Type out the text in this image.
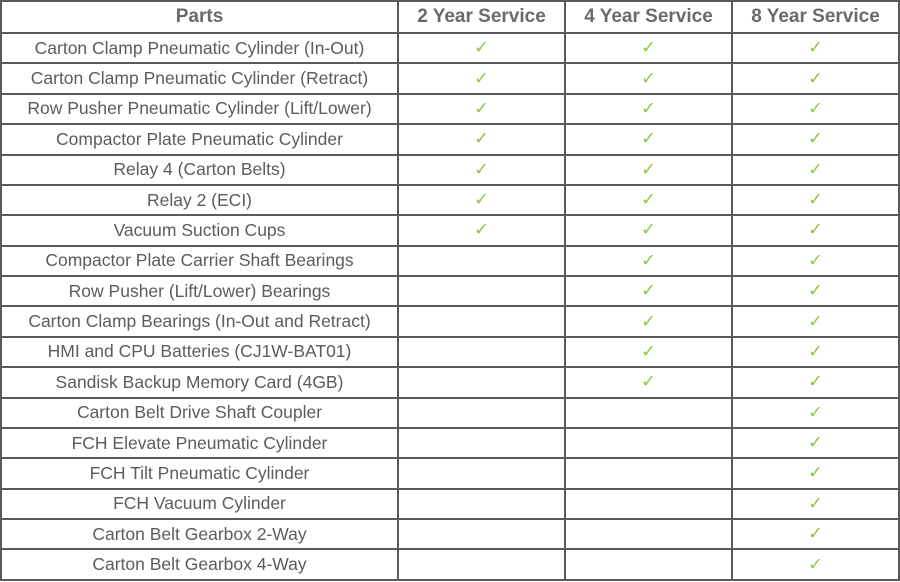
Parts	2 Year Service	4 Year Service	8 Year Service
Carton Clamp Pneumatic Cylinder (In-Out)	✓	✓	✓
Carton Clamp Pneumatic Cylinder (Retract)	✓	✓	✓
Row Pusher Pneumatic Cylinder (Lift/Lower)	✓	✓	✓
Compactor Plate Pneumatic Cylinder	✓	✓	✓
Relay 4 (Carton Belts)	✓	✓	✓
Relay 2 (ECI)	✓	✓	✓
Vacuum Suction Cups	✓	✓	✓
Compactor Plate Carrier Shaft Bearings		✓	✓
Row Pusher (Lift/Lower) Bearings		✓	✓
Carton Clamp Bearings (In-Out and Retract)		✓	✓
HMI and CPU Batteries (CJ1W-BAT01)		✓	✓
Sandisk Backup Memory Card (4GB)		✓	✓
Carton Belt Drive Shaft Coupler			✓
FCH Elevate Pneumatic Cylinder			✓
FCH Tilt Pneumatic Cylinder			✓
FCH Vacuum Cylinder			✓
Carton Belt Gearbox 2-Way			✓
Carton Belt Gearbox 4-Way			✓
